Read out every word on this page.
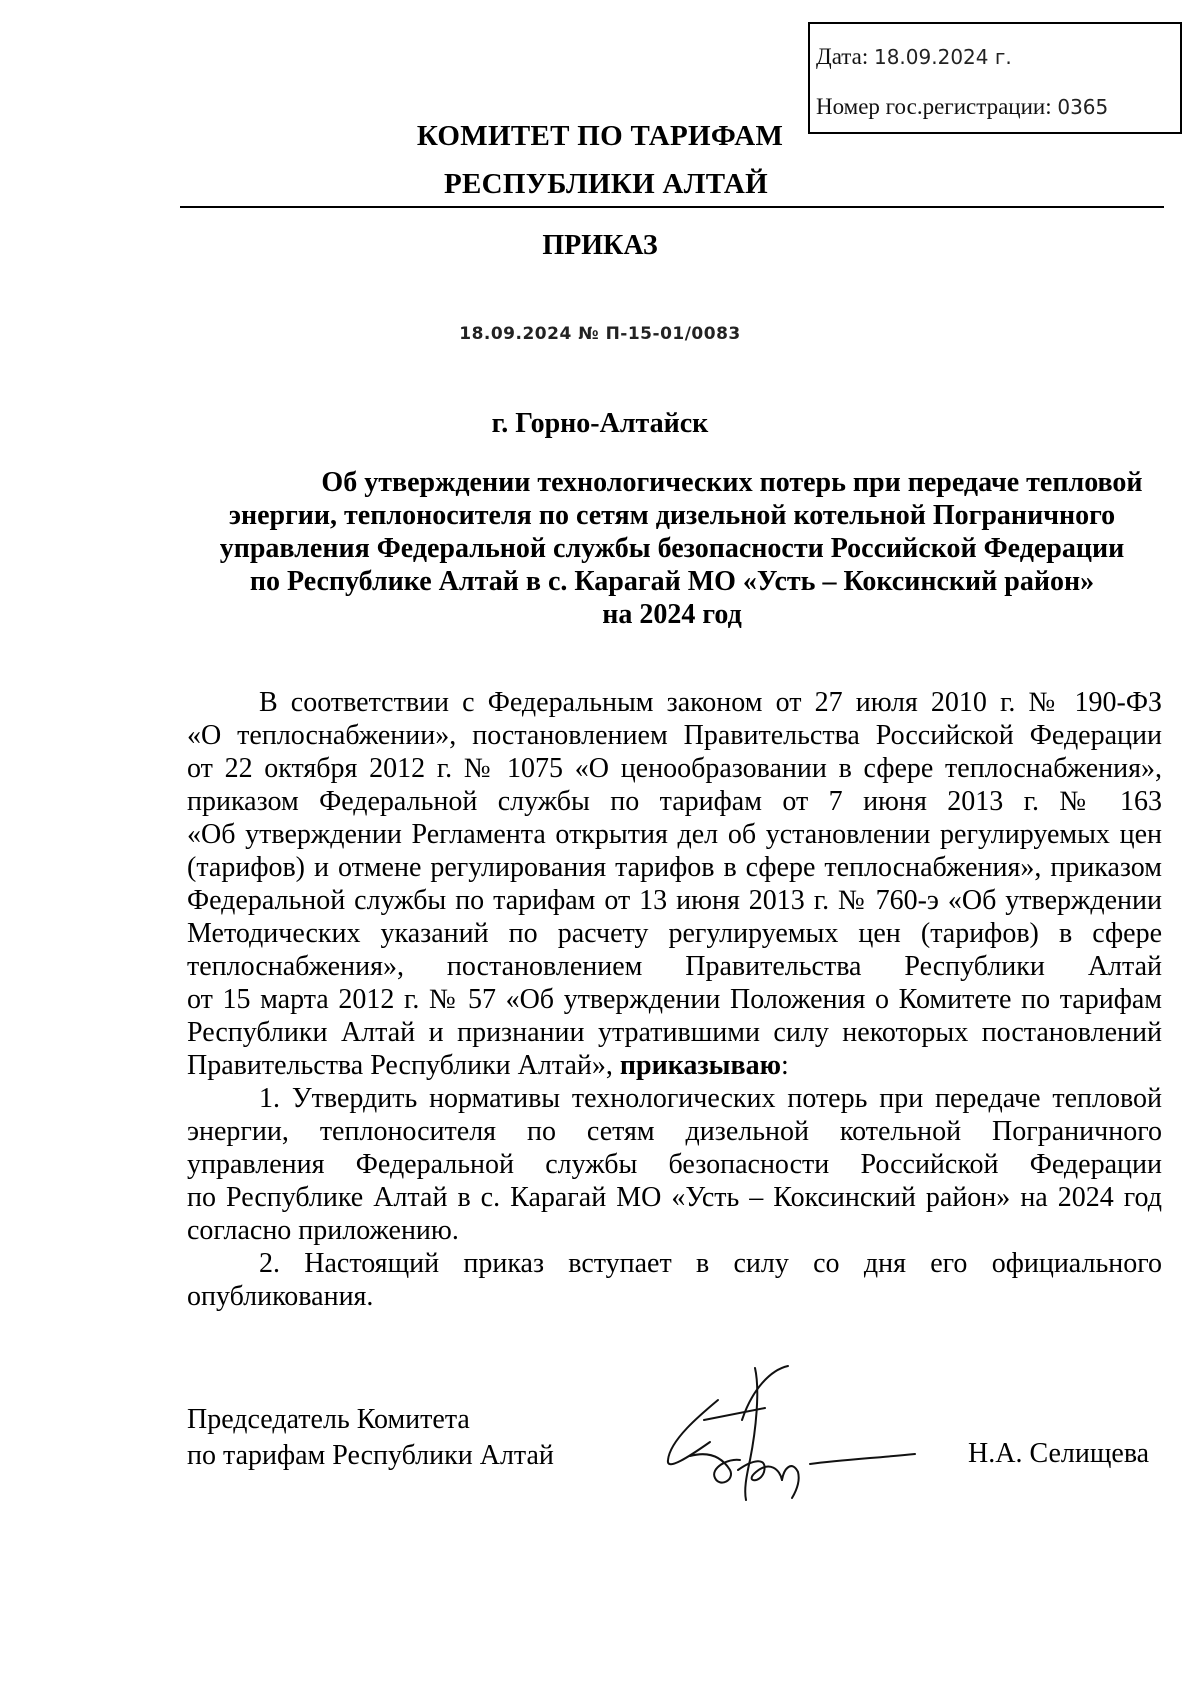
Дата: 18.09.2024 г.
Номер гос.регистрации: 0365
КОМИТЕТ ПО ТАРИФАМ
РЕСПУБЛИКИ АЛТАЙ
ПРИКАЗ
18.09.2024 № П-15-01/0083
г. Горно-Алтайск
Об утверждении технологических потерь при передаче тепловой
энергии, теплоносителя по сетям дизельной котельной Пограничного
управления Федеральной службы безопасности Российской Федерации
по Республике Алтай в с. Карагай МО «Усть – Коксинский район»
на 2024 год
В соответствии с Федеральным законом от 27 июля 2010 г. № 190-ФЗ
«О теплоснабжении», постановлением Правительства Российской Федерации
от 22 октября 2012 г. № 1075 «О ценообразовании в сфере теплоснабжения»,
приказом Федеральной службы по тарифам от 7 июня 2013 г. № 163
«Об утверждении Регламента открытия дел об установлении регулируемых цен
(тарифов) и отмене регулирования тарифов в сфере теплоснабжения», приказом
Федеральной службы по тарифам от 13 июня 2013 г. № 760-э «Об утверждении
Методических указаний по расчету регулируемых цен (тарифов) в сфере
теплоснабжения», постановлением Правительства Республики Алтай
от 15 марта 2012 г. № 57 «Об утверждении Положения о Комитете по тарифам
Республики Алтай и признании утратившими силу некоторых постановлений
Правительства Республики Алтай», приказываю:
1. Утвердить нормативы технологических потерь при передаче тепловой
энергии, теплоносителя по сетям дизельной котельной Пограничного
управления Федеральной службы безопасности Российской Федерации
по Республике Алтай в с. Карагай МО «Усть – Коксинский район» на 2024 год
согласно приложению.
2. Настоящий приказ вступает в силу со дня его официального
опубликования.
Председатель Комитета
по тарифам Республики Алтай	Н.А. Селищева
